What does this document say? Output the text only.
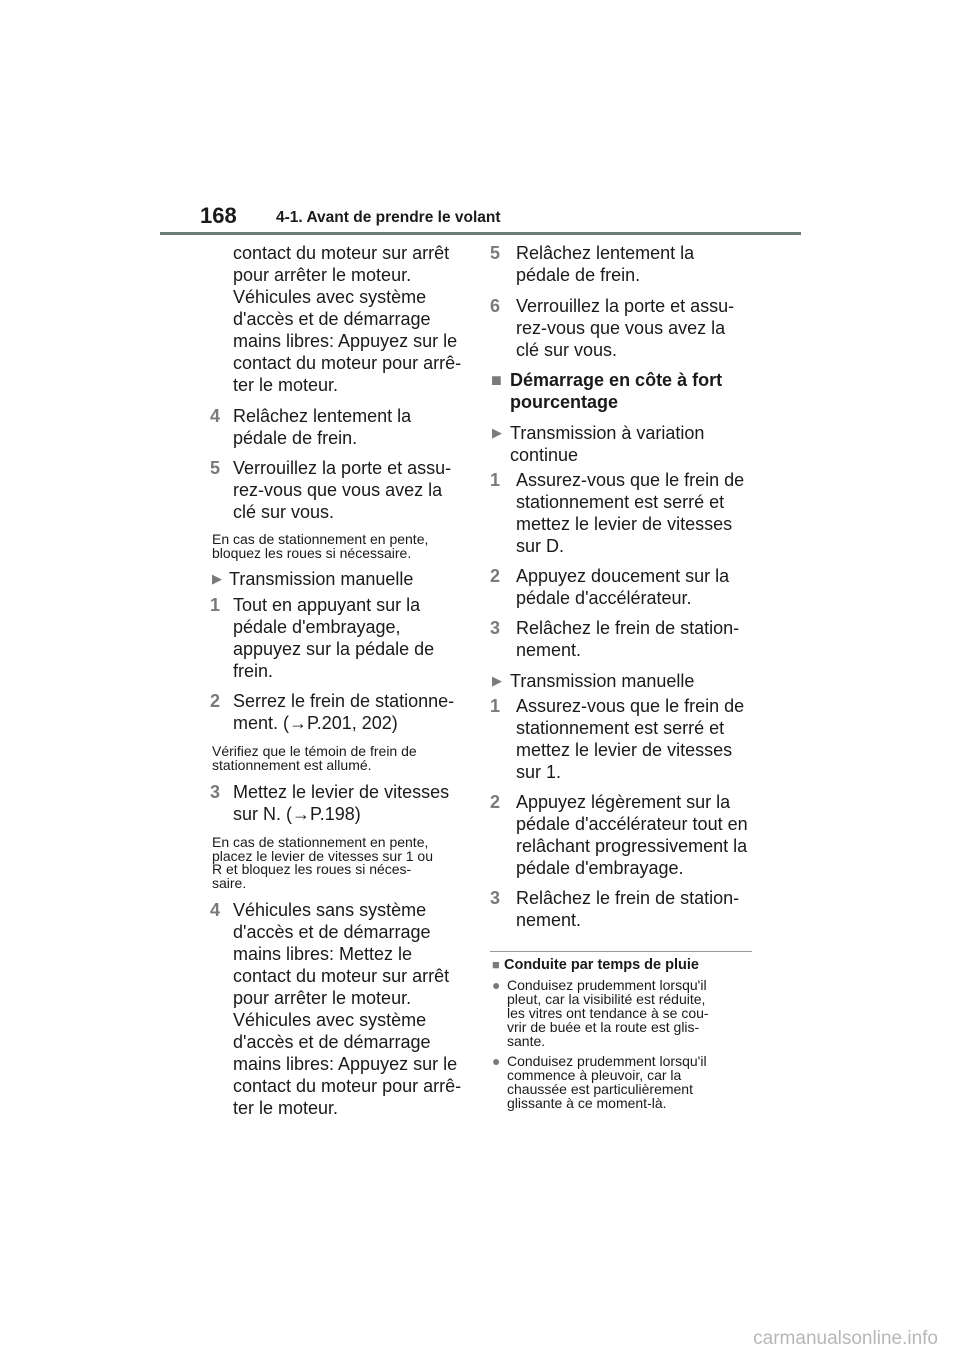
168	4-1. Avant de prendre le volant
contact du moteur sur arrêt
pour arrêter le moteur.
Véhicules avec système
d'accès et de démarrage
mains libres: Appuyez sur le
contact du moteur pour arrê-
ter le moteur.
4 Relâchez lentement la
pédale de frein.
5 Verrouillez la porte et assu-
rez-vous que vous avez la
clé sur vous.
En cas de stationnement en pente,
bloquez les roues si nécessaire.
▶ Transmission manuelle
1 Tout en appuyant sur la
pédale d'embrayage,
appuyez sur la pédale de
frein.
2 Serrez le frein de stationne-
ment. (→P.201, 202)
Vérifiez que le témoin de frein de
stationnement est allumé.
3 Mettez le levier de vitesses
sur N. (→P.198)
En cas de stationnement en pente,
placez le levier de vitesses sur 1 ou
R et bloquez les roues si néces-
saire.
4 Véhicules sans système
d'accès et de démarrage
mains libres: Mettez le
contact du moteur sur arrêt
pour arrêter le moteur.
Véhicules avec système
d'accès et de démarrage
mains libres: Appuyez sur le
contact du moteur pour arrê-
ter le moteur.
5 Relâchez lentement la
pédale de frein.
6 Verrouillez la porte et assu-
rez-vous que vous avez la
clé sur vous.
■ Démarrage en côte à fort
pourcentage
▶ Transmission à variation
continue
1 Assurez-vous que le frein de
stationnement est serré et
mettez le levier de vitesses
sur D.
2 Appuyez doucement sur la
pédale d'accélérateur.
3 Relâchez le frein de station-
nement.
▶ Transmission manuelle
1 Assurez-vous que le frein de
stationnement est serré et
mettez le levier de vitesses
sur 1.
2 Appuyez légèrement sur la
pédale d'accélérateur tout en
relâchant progressivement la
pédale d'embrayage.
3 Relâchez le frein de station-
nement.
■ Conduite par temps de pluie
● Conduisez prudemment lorsqu'il
pleut, car la visibilité est réduite,
les vitres ont tendance à se cou-
vrir de buée et la route est glis-
sante.
● Conduisez prudemment lorsqu'il
commence à pleuvoir, car la
chaussée est particulièrement
glissante à ce moment-là.
carmanualsonline.info
